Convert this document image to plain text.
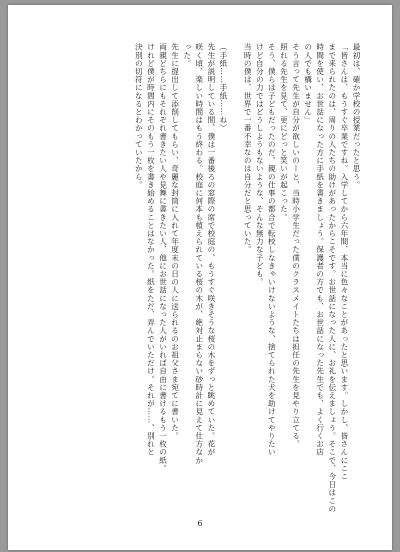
最初は、確か学校の授業だったと思う。

「皆さんは、もうすぐ卒業ですね。入学してから六年間、本当に色々なことがあったと思います。しかし、皆さんにここ

まで来られたのは、周りの人たちの助けがあったからこそです。お世話になった人に、お礼を伝えましょう。そこで、今日はこの

時間を使い、お世話になった方に手紙を書きましょう。保護者の方でも、お世話になった先生でも、よく行くお店

の人でも構いません」

そう言って先生が自分が欲しいのーと、当時小学生だった僕のクラスメイトたちは担任の先生を見やり立てる。

照れる先生を見て、更にどっと笑いが起こった。

そう、僕らは子どもだったのだ。親の仕事の都合で転校しなきゃいけないような、捨てられた犬を助けてやりたい

けど自分の力ではどうしようもないような、そんな無力な子ども。

当時の僕は、世界で一番不幸なのは自分だと思っていた。

（手紙……手紙……ね）

先生が説明している間、僕は一番後ろの窓際の席で校庭の、もうすぐ咲きそうな桜の木をずっと眺めていた。花が

咲く頃、楽しい時間はもう終わる。校庭に何本も植えられている桜の木が、絶対止まらない砂時計に見えて仕方なか

った。

先生に提出して添削してもらい、奇麗な封筒に入れて年度末の日の人に送られるのお祖父さま宛てに書いた。

両親どちらにもそれぞれ書きたい人や見舞に書きたい人、他にお世話になった人がいれば自由に書けるもう一枚の紙。

けれど僕が時間内にそのもう一枚を書き始めることはなかった。紙をただ、弄んでいただけ。それが……、別れと

決別の切符になるとわかっていたから。

6
